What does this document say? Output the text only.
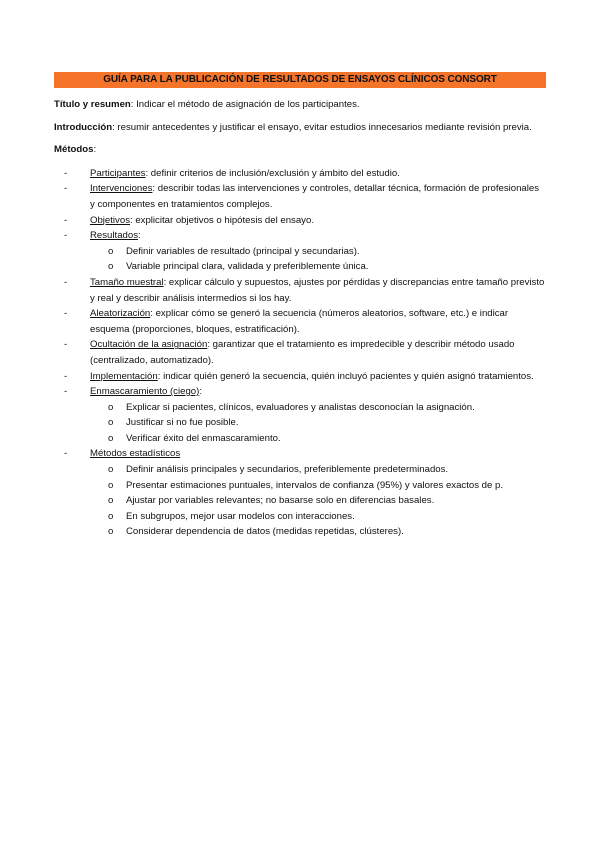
GUÍA PARA LA PUBLICACIÓN DE RESULTADOS DE ENSAYOS CLÍNICOS CONSORT

Título y resumen: Indicar el método de asignación de los participantes.

Introducción: resumir antecedentes y justificar el ensayo, evitar estudios innecesarios mediante revisión previa.

Métodos:

- Participantes: definir criterios de inclusión/exclusión y ámbito del estudio.
- Intervenciones: describir todas las intervenciones y controles, detallar técnica, formación de profesionales y componentes en tratamientos complejos.
- Objetivos: explicitar objetivos o hipótesis del ensayo.
- Resultados:
o Definir variables de resultado (principal y secundarias).
o Variable principal clara, validada y preferiblemente única.
- Tamaño muestral: explicar cálculo y supuestos, ajustes por pérdidas y discrepancias entre tamaño previsto y real y describir análisis intermedios si los hay.
- Aleatorización: explicar cómo se generó la secuencia (números aleatorios, software, etc.) e indicar esquema (proporciones, bloques, estratificación).
- Ocultación de la asignación: garantizar que el tratamiento es impredecible y describir método usado (centralizado, automatizado).
- Implementación: indicar quién generó la secuencia, quién incluyó pacientes y quién asignó tratamientos.
- Enmascaramiento (ciego):
o Explicar si pacientes, clínicos, evaluadores y analistas desconocían la asignación.
o Justificar si no fue posible.
o Verificar éxito del enmascaramiento.
- Métodos estadísticos
o Definir análisis principales y secundarios, preferiblemente predeterminados.
o Presentar estimaciones puntuales, intervalos de confianza (95%) y valores exactos de p.
o Ajustar por variables relevantes; no basarse solo en diferencias basales.
o En subgrupos, mejor usar modelos con interacciones.
o Considerar dependencia de datos (medidas repetidas, clústeres).
